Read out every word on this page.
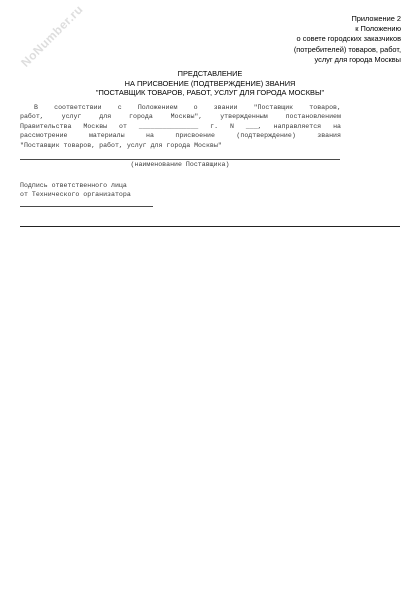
NoNumber.ru	Приложение 2
к Положению
о совете городских заказчиков
(потребителей) товаров, работ,
услуг для города Москвы
ПРЕДСТАВЛЕНИЕ
НА ПРИСВОЕНИЕ (ПОДТВЕРЖДЕНИЕ) ЗВАНИЯ
"ПОСТАВЩИК ТОВАРОВ, РАБОТ, УСЛУГ ДЛЯ ГОРОДА МОСКВЫ"
В соответствии с Положением о звании "Поставщик товаров,
работ,	услуг	для	города	Москвы",	утвержденным	постановлением
Правительства Москвы от _______________ г. N ___, направляется на
рассмотрение	материалы	на	присвоение	(подтверждение)	звания
"Поставщик товаров, работ, услуг для города Москвы"
(наименование Поставщика)
Подпись ответственного лица
от Технического организатора
